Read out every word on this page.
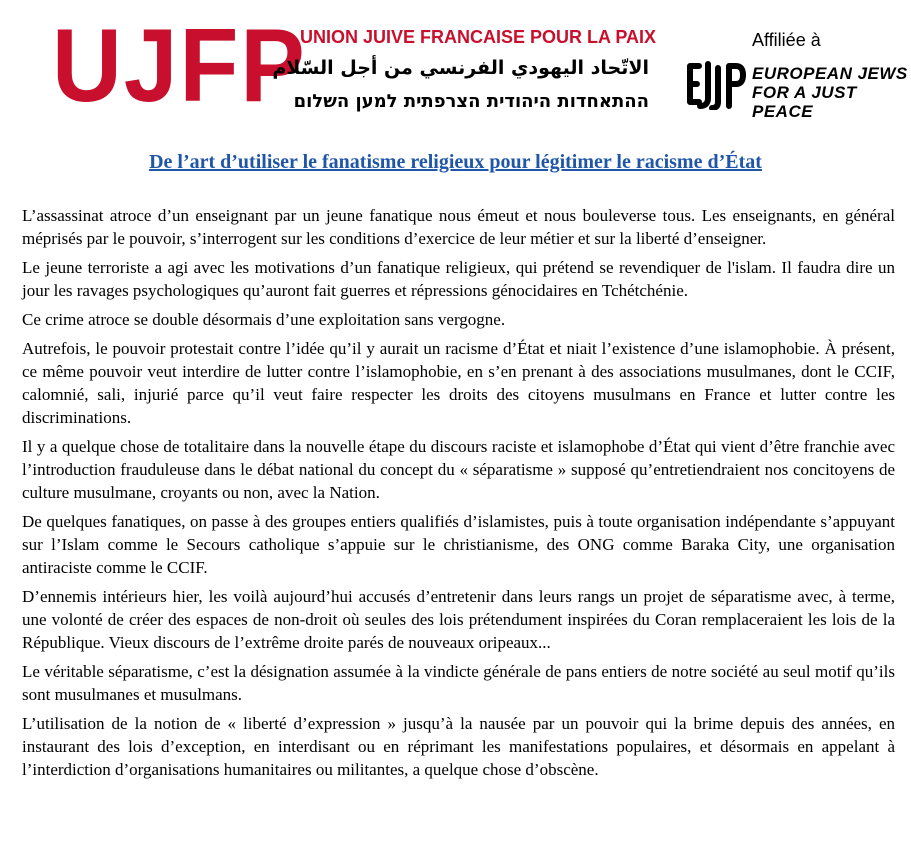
UJFP
UNION JUIVE FRANCAISE POUR LA PAIX
الاتّحاد اليهودي الفرنسي من أجل السّلام
ההתאחדות היהודית הצרפתית למען השלום
Affiliée à
EUROPEAN JEWS
FOR A JUST PEACE
De l’art d’utiliser le fanatisme religieux pour légitimer le racisme d’État

L’assassinat atroce d’un enseignant par un jeune fanatique nous émeut et nous bouleverse tous. Les enseignants, en général méprisés par le pouvoir, s’interrogent sur les conditions d’exercice de leur métier et sur la liberté d’enseigner.

Le jeune terroriste a agi avec les motivations d’un fanatique religieux, qui prétend se revendiquer de l'islam. Il faudra dire un jour les ravages psychologiques qu’auront fait guerres et répressions génocidaires en Tchétchénie.

Ce crime atroce se double désormais d’une exploitation sans vergogne.

Autrefois, le pouvoir protestait contre l’idée qu’il y aurait un racisme d’État et niait l’existence d’une islamophobie. À présent, ce même pouvoir veut interdire de lutter contre l’islamophobie, en s’en prenant à des associations musulmanes, dont le CCIF, calomnié, sali, injurié parce qu’il veut faire respecter les droits des citoyens musulmans en France et lutter contre les discriminations.

Il y a quelque chose de totalitaire dans la nouvelle étape du discours raciste et islamophobe d’État qui vient d’être franchie avec l’introduction frauduleuse dans le débat national du concept du « séparatisme » supposé qu’entretiendraient nos concitoyens de culture musulmane, croyants ou non, avec la Nation.

De quelques fanatiques, on passe à des groupes entiers qualifiés d’islamistes, puis à toute organisation indépendante s’appuyant sur l’Islam comme le Secours catholique s’appuie sur le christianisme, des ONG comme Baraka City, une organisation antiraciste comme le CCIF.

D’ennemis intérieurs hier, les voilà aujourd’hui accusés d’entretenir dans leurs rangs un projet de séparatisme avec, à terme, une volonté de créer des espaces de non-droit où seules des lois prétendument inspirées du Coran remplaceraient les lois de la République. Vieux discours de l’extrême droite parés de nouveaux oripeaux...

Le véritable séparatisme, c’est la désignation assumée à la vindicte générale de pans entiers de notre société au seul motif qu’ils sont musulmanes et musulmans.

L’utilisation de la notion de « liberté d’expression » jusqu’à la nausée par un pouvoir qui la brime depuis des années, en instaurant des lois d’exception, en interdisant ou en réprimant les manifestations populaires, et désormais en appelant à l’interdiction d’organisations humanitaires ou militantes, a quelque chose d’obscène.
